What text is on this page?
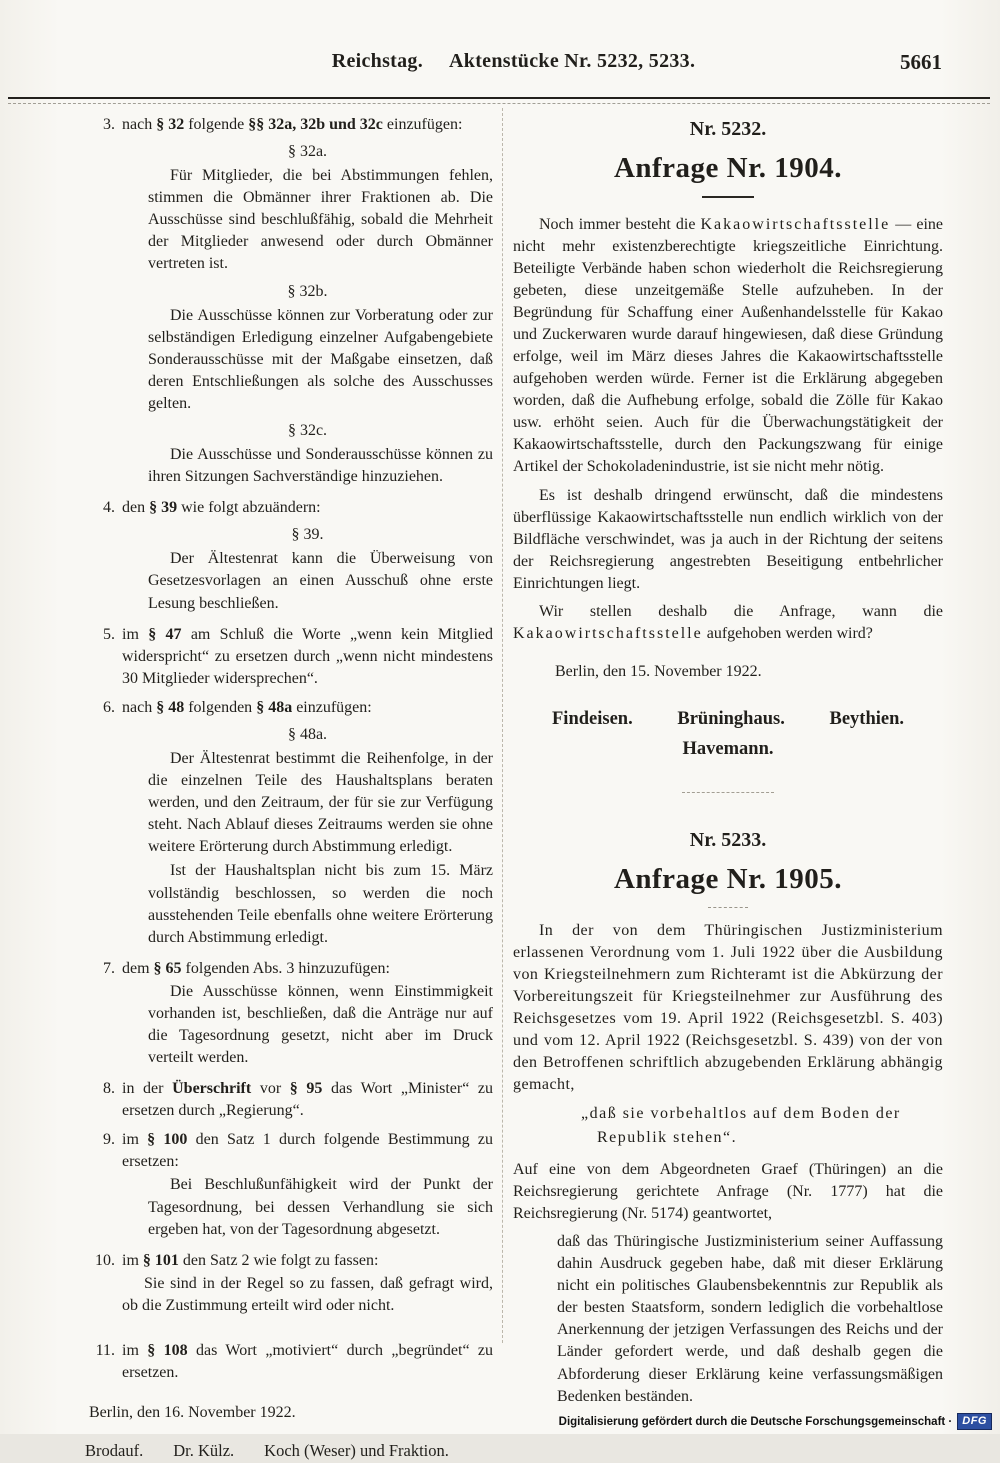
Reichstag. Aktenstücke Nr. 5232, 5233.	5661
3. nach § 32 folgende §§ 32a, 32b und 32c einzufügen:

§ 32a.

Für Mitglieder, die bei Abstimmungen fehlen, stimmen die Obmänner ihrer Fraktionen ab. Die Ausschüsse sind beschlußfähig, sobald die Mehrheit der Mitglieder anwesend oder durch Obmänner vertreten ist.

§ 32b.

Die Ausschüsse können zur Vorberatung oder zur selbständigen Erledigung einzelner Aufgabengebiete Sonderausschüsse mit der Maßgabe einsetzen, daß deren Entschließungen als solche des Ausschusses gelten.

§ 32c.

Die Ausschüsse und Sonderausschüsse können zu ihren Sitzungen Sachverständige hinzuziehen.

4. den § 39 wie folgt abzuändern:

§ 39.

Der Ältestenrat kann die Überweisung von Gesetzesvorlagen an einen Ausschuß ohne erste Lesung beschließen.

5. im § 47 am Schluß die Worte „wenn kein Mitglied widerspricht“ zu ersetzen durch „wenn nicht mindestens 30 Mitglieder widersprechen“.

6. nach § 48 folgenden § 48a einzufügen:

§ 48a.

Der Ältestenrat bestimmt die Reihenfolge, in der die einzelnen Teile des Haushaltsplans beraten werden, und den Zeitraum, der für sie zur Verfügung steht. Nach Ablauf dieses Zeitraums werden sie ohne weitere Erörterung durch Abstimmung erledigt.

Ist der Haushaltsplan nicht bis zum 15. März vollständig beschlossen, so werden die noch ausstehenden Teile ebenfalls ohne weitere Erörterung durch Abstimmung erledigt.

7. dem § 65 folgenden Abs. 3 hinzuzufügen:

Die Ausschüsse können, wenn Einstimmigkeit vorhanden ist, beschließen, daß die Anträge nur auf die Tagesordnung gesetzt, nicht aber im Druck verteilt werden.

8. in der Überschrift vor § 95 das Wort „Minister“ zu ersetzen durch „Regierung“.

9. im § 100 den Satz 1 durch folgende Bestimmung zu ersetzen:

Bei Beschlußunfähigkeit wird der Punkt der Tagesordnung, bei dessen Verhandlung sie sich ergeben hat, von der Tagesordnung abgesetzt.

10. im § 101 den Satz 2 wie folgt zu fassen:

Sie sind in der Regel so zu fassen, daß gefragt wird, ob die Zustimmung erteilt wird oder nicht.

11. im § 108 das Wort „motiviert“ durch „begründet“ zu ersetzen.

Berlin, den 16. November 1922.

Brodauf. Dr. Külz. Koch (Weser) und Fraktion.

Nr. 5232.

Anfrage Nr. 1904.

Noch immer besteht die Kakaowirtschaftsstelle — eine nicht mehr existenzberechtigte kriegszeitliche Einrichtung. Beteiligte Verbände haben schon wiederholt die Reichsregierung gebeten, diese unzeitgemäße Stelle aufzuheben. In der Begründung für Schaffung einer Außenhandelsstelle für Kakao und Zuckerwaren wurde darauf hingewiesen, daß diese Gründung erfolge, weil im März dieses Jahres die Kakaowirtschaftsstelle aufgehoben werden würde. Ferner ist die Erklärung abgegeben worden, daß die Aufhebung erfolge, sobald die Zölle für Kakao usw. erhöht seien. Auch für die Überwachungstätigkeit der Kakaowirtschaftsstelle, durch den Packungszwang für einige Artikel der Schokoladenindustrie, ist sie nicht mehr nötig.

Es ist deshalb dringend erwünscht, daß die mindestens überflüssige Kakaowirtschaftsstelle nun endlich wirklich von der Bildfläche verschwindet, was ja auch in der Richtung der seitens der Reichsregierung angestrebten Beseitigung entbehrlicher Einrichtungen liegt.

Wir stellen deshalb die Anfrage, wann die Kakaowirtschaftsstelle aufgehoben werden wird?

Berlin, den 15. November 1922.

Findeisen. Brüninghaus. Beythien.
Havemann.

Nr. 5233.

Anfrage Nr. 1905.

In der von dem Thüringischen Justizministerium erlassenen Verordnung vom 1. Juli 1922 über die Ausbildung von Kriegsteilnehmern zum Richteramt ist die Abkürzung der Vorbereitungszeit für Kriegsteilnehmer zur Ausführung des Reichsgesetzes vom 19. April 1922 (Reichsgesetzbl. S. 403) und vom 12. April 1922 (Reichsgesetzbl. S. 439) von der von den Betroffenen schriftlich abzugebenden Erklärung abhängig gemacht,

„daß sie vorbehaltlos auf dem Boden der Republik stehen“.

Auf eine von dem Abgeordneten Graef (Thüringen) an die Reichsregierung gerichtete Anfrage (Nr. 1777) hat die Reichsregierung (Nr. 5174) geantwortet,

daß das Thüringische Justizministerium seiner Auffassung dahin Ausdruck gegeben habe, daß mit dieser Erklärung nicht ein politisches Glaubensbekenntnis zur Republik als der besten Staatsform, sondern lediglich die vorbehaltlose Anerkennung der jetzigen Verfassungen des Reichs und der Länder gefordert werde, und daß deshalb gegen die Abforderung dieser Erklärung keine verfassungsmäßigen Bedenken beständen.

Digitalisierung gefördert durch die Deutsche Forschungsgemeinschaft · DFG
